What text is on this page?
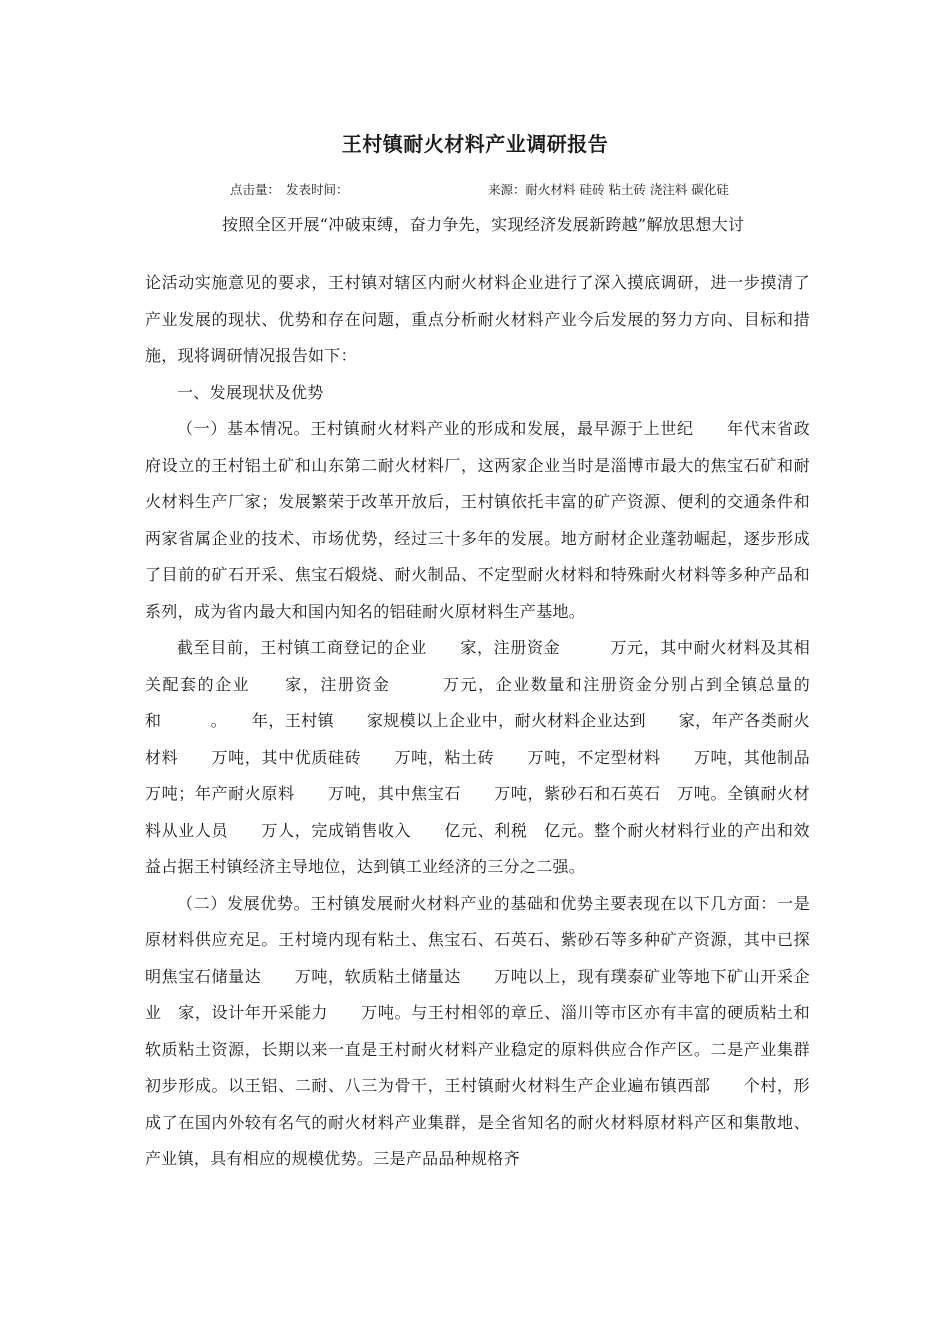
王村镇耐火材料产业调研报告
点击量： 发表时间：	来源：耐火材料 硅砖 粘土砖 浇注料 碳化硅
按照全区开展“冲破束缚，奋力争先，实现经济发展新跨越”解放思想大讨

论活动实施意见的要求，王村镇对辖区内耐火材料企业进行了深入摸底调研，进一步摸清了产业发展的现状、优势和存在问题，重点分析耐火材料产业今后发展的努力方向、目标和措施，现将调研情况报告如下：

一、发展现状及优势

（一）基本情况。王村镇耐火材料产业的形成和发展，最早源于上世纪　　年代末省政府设立的王村铝土矿和山东第二耐火材料厂，这两家企业当时是淄博市最大的焦宝石矿和耐火材料生产厂家；发展繁荣于改革开放后，王村镇依托丰富的矿产资源、便利的交通条件和两家省属企业的技术、市场优势，经过三十多年的发展。地方耐材企业蓬勃崛起，逐步形成了目前的矿石开采、焦宝石煅烧、耐火制品、不定型耐火材料和特殊耐火材料等多种产品和系列，成为省内最大和国内知名的铝硅耐火原材料生产基地。

截至目前，王村镇工商登记的企业　　家，注册资金　　　万元，其中耐火材料及其相关配套的企业　　家，注册资金　　　万元，企业数量和注册资金分别占到全镇总量的　　　和　　　。　　年，王村镇　　家规模以上企业中，耐火材料企业达到　　家，年产各类耐火材料　　万吨，其中优质硅砖　　万吨，粘土砖　　万吨，不定型材料　　万吨，其他制品　万吨；年产耐火原料　　万吨，其中焦宝石　　万吨，紫砂石和石英石　万吨。全镇耐火材料从业人员　　万人，完成销售收入　　亿元、利税　亿元。整个耐火材料行业的产出和效益占据王村镇经济主导地位，达到镇工业经济的三分之二强。

（二）发展优势。王村镇发展耐火材料产业的基础和优势主要表现在以下几方面：一是原材料供应充足。王村境内现有粘土、焦宝石、石英石、紫砂石等多种矿产资源，其中已探明焦宝石储量达　　万吨，软质粘土储量达　　万吨以上，现有璞泰矿业等地下矿山开采企业　家，设计年开采能力　　万吨。与王村相邻的章丘、淄川等市区亦有丰富的硬质粘土和软质粘土资源，长期以来一直是王村耐火材料产业稳定的原料供应合作产区。二是产业集群初步形成。以王铝、二耐、八三为骨干，王村镇耐火材料生产企业遍布镇西部　　个村，形成了在国内外较有名气的耐火材料产业集群，是全省知名的耐火材料原材料产区和集散地、产业镇，具有相应的规模优势。三是产品品种规格齐
